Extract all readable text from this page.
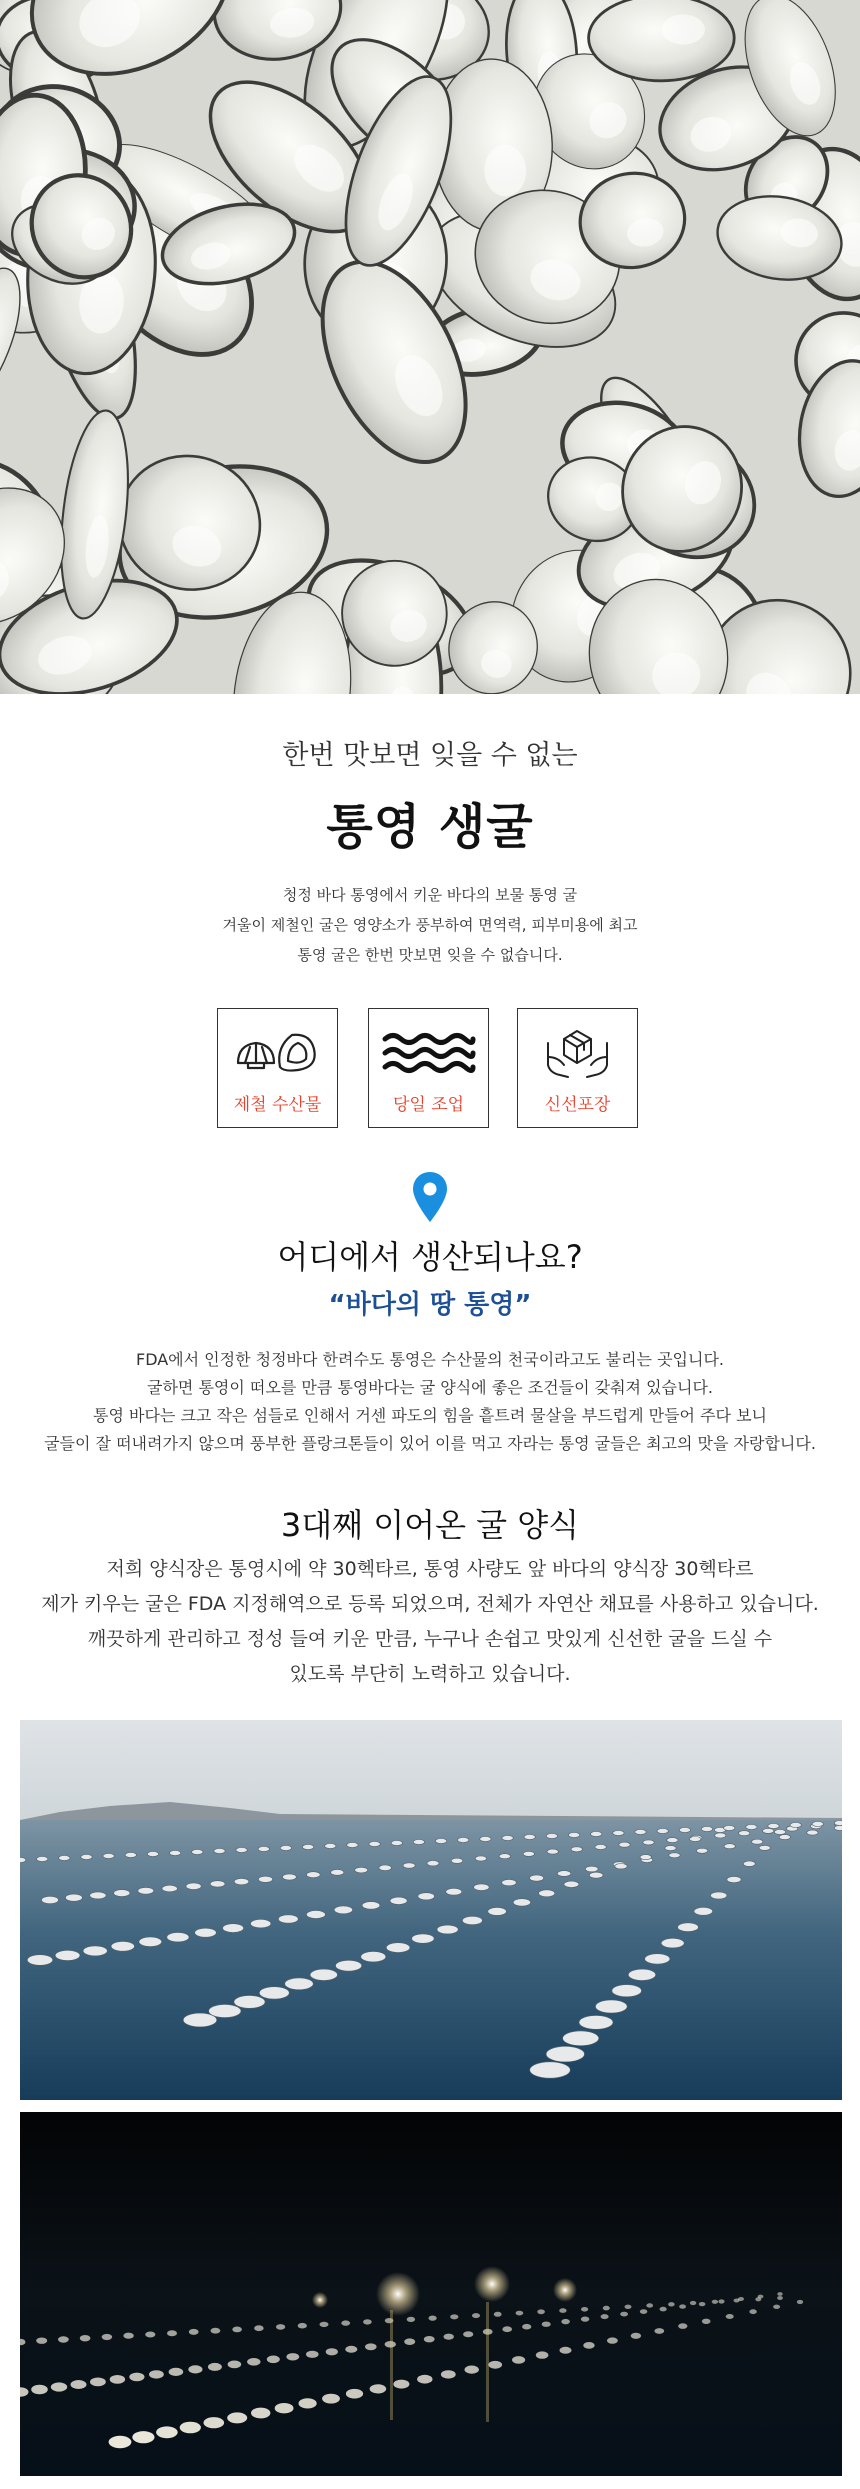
한번 맛보면 잊을 수 없는
통영 생굴
청정 바다 통영에서 키운 바다의 보물 통영 굴
겨울이 제철인 굴은 영양소가 풍부하여 면역력, 피부미용에 최고
통영 굴은 한번 맛보면 잊을 수 없습니다.
제철 수산물	당일 조업	신선포장
어디에서 생산되나요?
“바다의 땅 통영”
FDA에서 인정한 청정바다 한려수도 통영은 수산물의 천국이라고도 불리는 곳입니다.
굴하면 통영이 떠오를 만큼 통영바다는 굴 양식에 좋은 조건들이 갖춰져 있습니다.
통영 바다는 크고 작은 섬들로 인해서 거센 파도의 힘을 흩트려 물살을 부드럽게 만들어 주다 보니
굴들이 잘 떠내려가지 않으며 풍부한 플랑크톤들이 있어 이를 먹고 자라는 통영 굴들은 최고의 맛을 자랑합니다.
3대째 이어온 굴 양식
저희 양식장은 통영시에 약 30헥타르, 통영 사량도 앞 바다의 양식장 30헥타르
제가 키우는 굴은 FDA 지정해역으로 등록 되었으며, 전체가 자연산 채묘를 사용하고 있습니다.
깨끗하게 관리하고 정성 들여 키운 만큼, 누구나 손쉽고 맛있게 신선한 굴을 드실 수
있도록 부단히 노력하고 있습니다.
